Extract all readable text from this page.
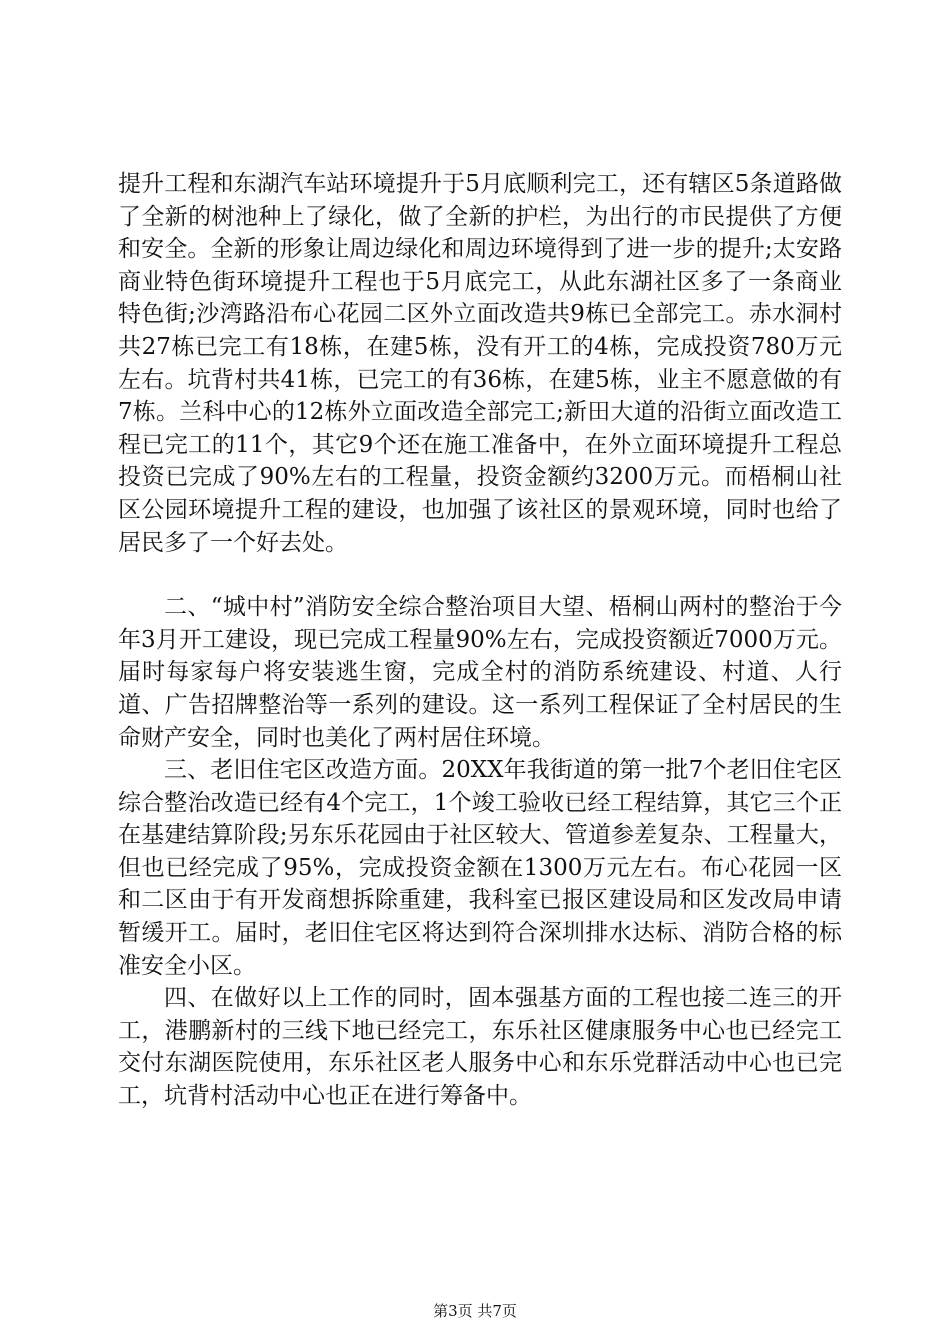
提升工程和东湖汽车站环境提升于5月底顺利完工，还有辖区5条道路做了全新的树池种上了绿化，做了全新的护栏，为出行的市民提供了方便和安全。全新的形象让周边绿化和周边环境得到了进一步的提升;太安路商业特色街环境提升工程也于5月底完工，从此东湖社区多了一条商业特色街;沙湾路沿布心花园二区外立面改造共9栋已全部完工。赤水洞村共27栋已完工有18栋，在建5栋，没有开工的4栋，完成投资780万元左右。坑背村共41栋，已完工的有36栋，在建5栋，业主不愿意做的有7栋。兰科中心的12栋外立面改造全部完工;新田大道的沿街立面改造工程已完工的11个，其它9个还在施工准备中，在外立面环境提升工程总投资已完成了90%左右的工程量，投资金额约3200万元。而梧桐山社区公园环境提升工程的建设，也加强了该社区的景观环境，同时也给了居民多了一个好去处。

二、“城中村”消防安全综合整治项目大望、梧桐山两村的整治于今年3月开工建设，现已完成工程量90%左右，完成投资额近7000万元。届时每家每户将安装逃生窗，完成全村的消防系统建设、村道、人行道、广告招牌整治等一系列的建设。这一系列工程保证了全村居民的生命财产安全，同时也美化了两村居住环境。

三、老旧住宅区改造方面。20XX年我街道的第一批7个老旧住宅区综合整治改造已经有4个完工，1个竣工验收已经工程结算，其它三个正在基建结算阶段;另东乐花园由于社区较大、管道参差复杂、工程量大，但也已经完成了95%，完成投资金额在1300万元左右。布心花园一区和二区由于有开发商想拆除重建，我科室已报区建设局和区发改局申请暂缓开工。届时，老旧住宅区将达到符合深圳排水达标、消防合格的标准安全小区。

四、在做好以上工作的同时，固本强基方面的工程也接二连三的开工，港鹏新村的三线下地已经完工，东乐社区健康服务中心也已经完工交付东湖医院使用，东乐社区老人服务中心和东乐党群活动中心也已完工，坑背村活动中心也正在进行筹备中。

第3页 共7页
